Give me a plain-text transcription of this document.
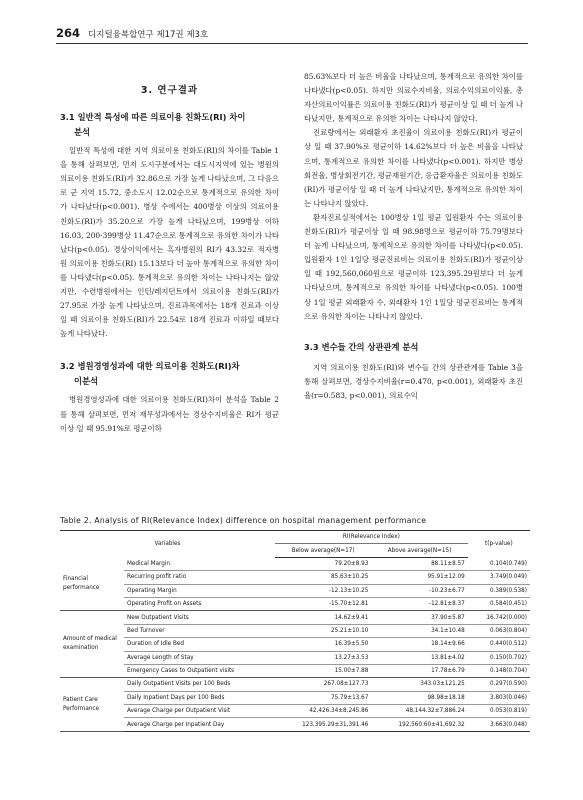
264 디지털융복합연구 제17권 제3호
3. 연구결과
3.1 일반적 특성에 따른 의료이용 친화도(RI) 차이
분석

일반적 특성에 대한 지역 의료이용 친화도(RI)의 차이를 Table 1을 통해 살펴보면, 먼저 도시구분에서는 대도시지역에 있는 병원의 의료이용 친화도(RI)가 32.86으로 가장 높게 나타났으며, 그 다음으로 군 지역 15.72, 중소도시 12.02순으로 통계적으로 유의한 차이가 나타났다(p<0.001). 병상 수에서는 400병상 이상의 의료이용 친화도(RI)가 35.20으로 가장 높게 나타났으며, 199병상 이하 16.03, 200-399병상 11.47순으로 통계적으로 유의한 차이가 나타났다(p<0.05). 경상이익에서는 흑자병원의 RI가 43.32로 적자병원 의료이용 친화도(RI) 15.13보다 더 높아 통계적으로 유의한 차이를 나타냈다(p<0.05). 통계적으로 유의한 차이는 나타나지는 않았지만, 수련병원에서는 인턴/레지던트에서 의료이용 친화도(RI)가 27.95로 가장 높게 나타났으며, 진료과목에서는 18개 진료과 이상일 때 의료이용 친화도(RI)가 22.54로 18개 진료과 이하일 때보다 높게 나타났다.

3.2 병원경영성과에 대한 의료이용 친화도(RI)차
이분석

병원경영성과에 대한 의료이용 친화도(RI)차이 분석을 Table 2를 통해 살펴보면, 먼저 재무성과에서는 경상수지비율은 RI가 평균이상 일 때 95.91%로 평균이하

85.63%보다 더 높은 비율을 나타났으며, 통계적으로 유의한 차이를 나타냈다(p<0.05). 하지만 의료수지비율, 의료수익의료이익률, 총자산의료이익률은 의료이용 친화도(RI)가 평균이상 일 때 더 높게 나타났지만, 통계적으로 유의한 차이는 나타나지 않았다.

진료량에서는 외래환자 초진율이 의료이용 친화도(RI)가 평균이상 일 때 37.90%로 평균이하 14.62%보다 더 높은 비율을 나타났으며, 통계적으로 유의한 차이를 나타냈다(p<0.001). 하지만 병상회전율, 병상회전기간, 평균재원기간, 응급환자율은 의료이용 친화도(RI)가 평균이상 일 때 더 높게 나타났지만, 통계적으로 유의한 차이는 나타나지 않았다.

환자진료실적에서는 100병상 1일 평균 입원환자 수는 의료이용 친화도(RI)가 평균이상 일 때 98.98명으로 평균이하 75.79명보다 더 높게 나타났으며, 통계적으로 유의한 차이를 나타냈다(p<0.05). 입원환자 1인 1일당 평균진료비는 의료이용 친화도(RI)가 평균이상 일 때 192,560,060원으로 평균이하 123,395.29원보다 더 높게 나타났으며, 통계적으로 유의한 차이를 나타냈다(p<0.05). 100병상 1일 평균 외래환자 수, 외래환자 1인 1일당 평균진료비는 통계적으로 유의한 차이는 나타나지 않았다.

3.3 변수들 간의 상관관계 분석

지역 의료이용 친화도(RI)와 변수들 간의 상관관계를 Table 3을 통해 살펴보면, 경상수지비율(r=0.470, p<0.001), 외래환자 초진율(r=0.583, p<0.001), 의료수익

Table 2. Analysis of RI(Relevance Index) difference on hospital management performance
Variables		RI(Relevance Index)		t(p-value)
		Below average(N=17)	Above average(N=15)	
Financial performance	Medical Margin	79.20±8.93	88.11±8.57	0.104(0.749)
	Recurring profit ratio	85.63±10.25	95.91±12.09	3.749(0.049)
	Operating Margin	-12.13±10.25	-10.23±6.77	0.389(0.538)
	Operating Profit on Assets	-15.70±12.81	-12.81±8.37	0.584(0.451)
Amount of medical examination	New Outpatient Visits	14.62±9.41	37.90±5.87	16.742(0.000)
	Bed Turnover	25.21±10.10	34.1±10.48	0.063(0.804)
	Duration of Idle Bed	16.39±5.50	18.14±9.66	0.440(0.512)
	Average Length of Stay	13.27±3.53	13.81±4.02	0.150(0.702)
	Emergency Cases to Outpatient visits	15.00±7.88	17.78±6.79	0.148(0.704)
Patient Care Performance	Daily Outpatient Visits per 100 Beds	267.08±127.73	343.03±121.25	0.297(0.590)
	Daily Inpatient Days per 100 Beds	75.79±13.67	98.98±18.18	3.803(0.046)
	Average Charge per Outpatient Visit	42,426.34±8,245.86	48,144.32±7,886.24	0.053(0.819)
	Average Charge per Inpatient Day	123,395.29±31,391.46	192,560.60±41,692.32	3.663(0.048)
